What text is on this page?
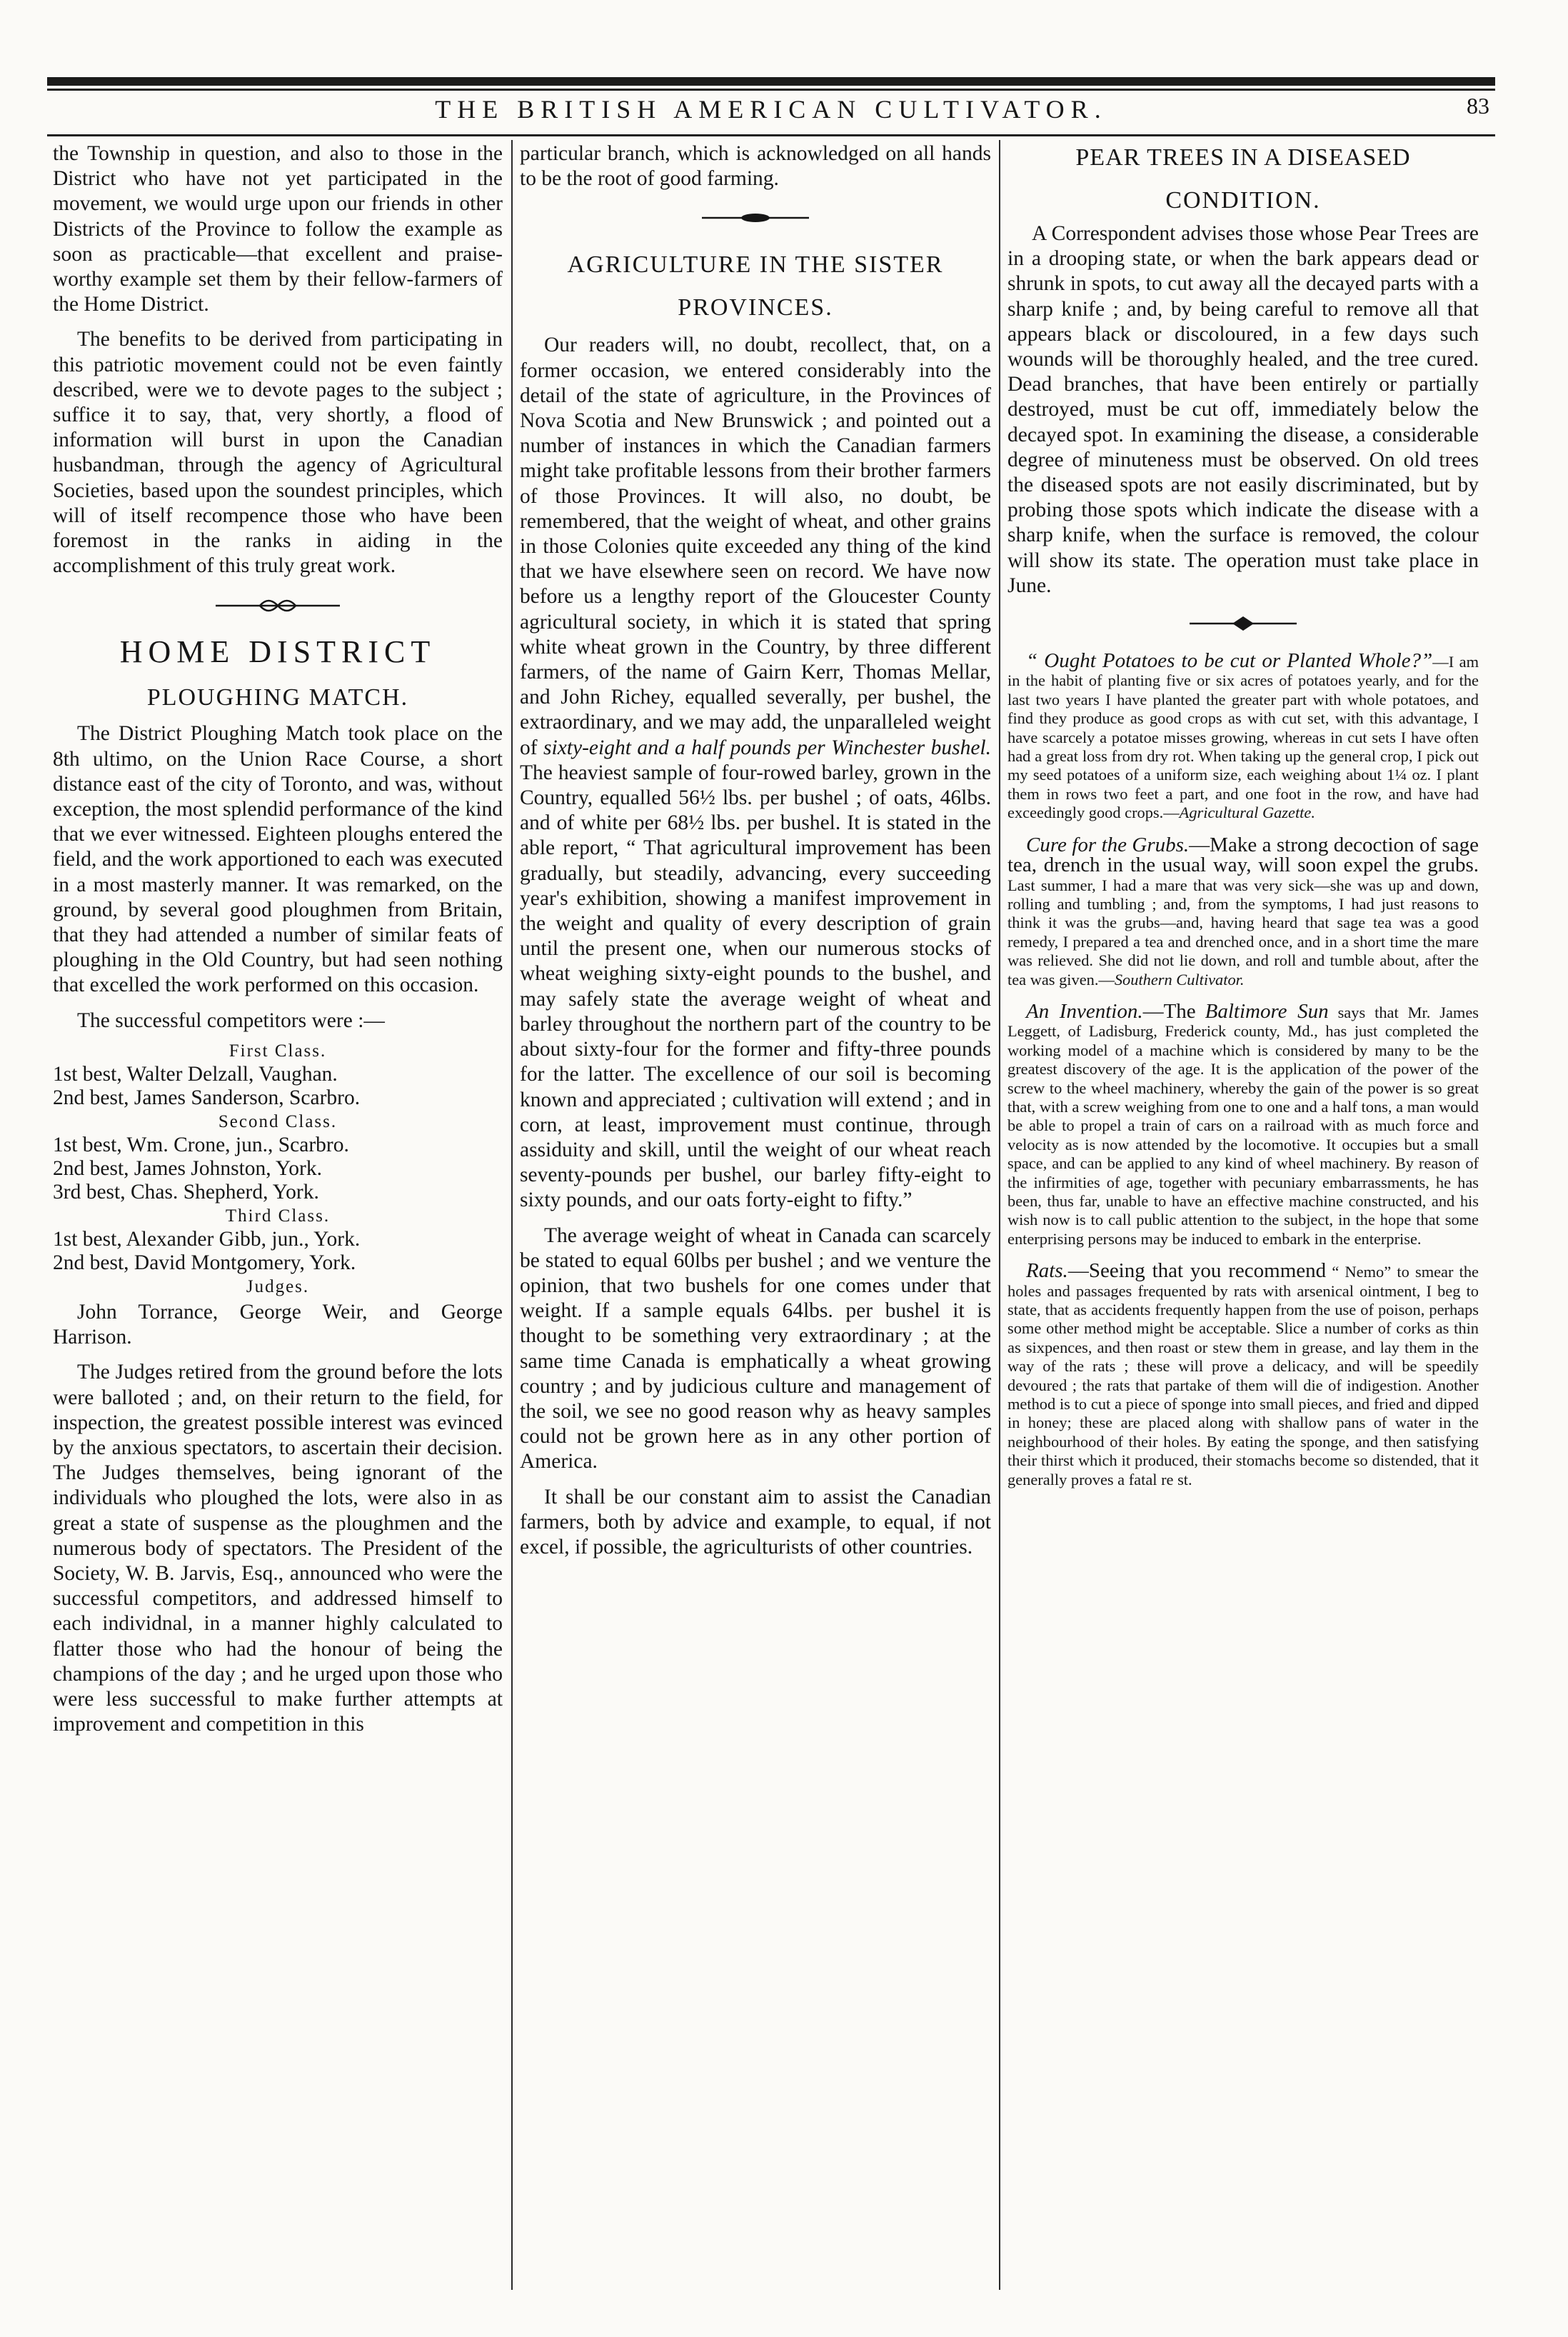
THE BRITISH AMERICAN CULTIVATOR.	83

the Township in question, and also to those in the District who have not yet participated in the movement, we would urge upon our friends in other Districts of the Province to follow the example as soon as practicable—that excellent and praise-worthy example set them by their fellow-farmers of the Home District.

The benefits to be derived from participating in this patriotic movement could not be even faintly described, were we to devote pages to the subject ; suffice it to say, that, very shortly, a flood of information will burst in upon the Canadian husbandman, through the agency of Agricultural Societies, based upon the soundest principles, which will of itself recompence those who have been foremost in the ranks in aiding in the accomplishment of this truly great work.

HOME DISTRICT

PLOUGHING MATCH.

The District Ploughing Match took place on the 8th ultimo, on the Union Race Course, a short distance east of the city of Toronto, and was, without exception, the most splendid performance of the kind that we ever witnessed. Eighteen ploughs entered the field, and the work apportioned to each was executed in a most masterly manner. It was remarked, on the ground, by several good ploughmen from Britain, that they had attended a number of similar feats of ploughing in the Old Country, but had seen nothing that excelled the work performed on this occasion.

The successful competitors were :—

First Class.
1st best, Walter Delzall, Vaughan.
2nd best, James Sanderson, Scarbro.
Second Class.
1st best, Wm. Crone, jun., Scarbro.
2nd best, James Johnston, York.
3rd best, Chas. Shepherd, York.
Third Class.
1st best, Alexander Gibb, jun., York.
2nd best, David Montgomery, York.
Judges.

John Torrance, George Weir, and George Harrison.

The Judges retired from the ground before the lots were balloted ; and, on their return to the field, for inspection, the greatest possible interest was evinced by the anxious spectators, to ascertain their decision. The Judges themselves, being ignorant of the individuals who ploughed the lots, were also in as great a state of suspense as the ploughmen and the numerous body of spectators. The President of the Society, W. B. Jarvis, Esq., announced who were the successful competitors, and addressed himself to each individnal, in a manner highly calculated to flatter those who had the honour of being the champions of the day ; and he urged upon those who were less successful to make further attempts at improvement and competition in this

particular branch, which is acknowledged on all hands to be the root of good farming.

AGRICULTURE IN THE SISTER

PROVINCES.

Our readers will, no doubt, recollect, that, on a former occasion, we entered considerably into the detail of the state of agriculture, in the Provinces of Nova Scotia and New Brunswick ; and pointed out a number of instances in which the Canadian farmers might take profitable lessons from their brother farmers of those Provinces. It will also, no doubt, be remembered, that the weight of wheat, and other grains in those Colonies quite exceeded any thing of the kind that we have elsewhere seen on record. We have now before us a lengthy report of the Gloucester County agricultural society, in which it is stated that spring white wheat grown in the Country, by three different farmers, of the name of Gairn Kerr, Thomas Mellar, and John Richey, equalled severally, per bushel, the extraordinary, and we may add, the unparalleled weight of sixty-eight and a half pounds per Winchester bushel. The heaviest sample of four-rowed barley, grown in the Country, equalled 56½ lbs. per bushel ; of oats, 46lbs. and of white per 68½ lbs. per bushel. It is stated in the able report, “ That agricultural improvement has been gradually, but steadily, advancing, every succeeding year's exhibition, showing a manifest improvement in the weight and quality of every description of grain until the present one, when our numerous stocks of wheat weighing sixty-eight pounds to the bushel, and may safely state the average weight of wheat and barley throughout the northern part of the country to be about sixty-four for the former and fifty-three pounds for the latter. The excellence of our soil is becoming known and appreciated ; cultivation will extend ; and in corn, at least, improvement must continue, through assiduity and skill, until the weight of our wheat reach seventy-pounds per bushel, our barley fifty-eight to sixty pounds, and our oats forty-eight to fifty.”

The average weight of wheat in Canada can scarcely be stated to equal 60lbs per bushel ; and we venture the opinion, that two bushels for one comes under that weight. If a sample equals 64lbs. per bushel it is thought to be something very extraordinary ; at the same time Canada is emphatically a wheat growing country ; and by judicious culture and management of the soil, we see no good reason why as heavy samples could not be grown here as in any other portion of America.

It shall be our constant aim to assist the Canadian farmers, both by advice and example, to equal, if not excel, if possible, the agriculturists of other countries.

PEAR TREES IN A DISEASED

CONDITION.

A Correspondent advises those whose Pear Trees are in a drooping state, or when the bark appears dead or shrunk in spots, to cut away all the decayed parts with a sharp knife ; and, by being careful to remove all that appears black or discoloured, in a few days such wounds will be thoroughly healed, and the tree cured. Dead branches, that have been entirely or partially destroyed, must be cut off, immediately below the decayed spot. In examining the disease, a considerable degree of minuteness must be observed. On old trees the diseased spots are not easily discriminated, but by probing those spots which indicate the disease with a sharp knife, when the surface is removed, the colour will show its state. The operation must take place in June.

“ Ought Potatoes to be cut or Planted Whole?”—I am in the habit of planting five or six acres of potatoes yearly, and for the last two years I have planted the greater part with whole potatoes, and find they produce as good crops as with cut set, with this advantage, I have scarcely a potatoe misses growing, whereas in cut sets I have often had a great loss from dry rot. When taking up the general crop, I pick out my seed potatoes of a uniform size, each weighing about 1¼ oz. I plant them in rows two feet a part, and one foot in the row, and have had exceedingly good crops.—Agricultural Gazette.

Cure for the Grubs.—Make a strong decoction of sage tea, drench in the usual way, will soon expel the grubs. Last summer, I had a mare that was very sick—she was up and down, rolling and tumbling ; and, from the symptoms, I had just reasons to think it was the grubs—and, having heard that sage tea was a good remedy, I prepared a tea and drenched once, and in a short time the mare was relieved. She did not lie down, and roll and tumble about, after the tea was given.—Southern Cultivator.

An Invention.—The Baltimore Sun says that Mr. James Leggett, of Ladisburg, Frederick county, Md., has just completed the working model of a machine which is considered by many to be the greatest discovery of the age. It is the application of the power of the screw to the wheel machinery, whereby the gain of the power is so great that, with a screw weighing from one to one and a half tons, a man would be able to propel a train of cars on a railroad with as much force and velocity as is now attended by the locomotive. It occupies but a small space, and can be applied to any kind of wheel machinery. By reason of the infirmities of age, together with pecuniary embarrassments, he has been, thus far, unable to have an effective machine constructed, and his wish now is to call public attention to the subject, in the hope that some enterprising persons may be induced to embark in the enterprise.

Rats.—Seeing that you recommend “ Nemo” to smear the holes and passages frequented by rats with arsenical ointment, I beg to state, that as accidents frequently happen from the use of poison, perhaps some other method might be acceptable. Slice a number of corks as thin as sixpences, and then roast or stew them in grease, and lay them in the way of the rats ; these will prove a delicacy, and will be speedily devoured ; the rats that partake of them will die of indigestion. Another method is to cut a piece of sponge into small pieces, and fried and dipped in honey; these are placed along with shallow pans of water in the neighbourhood of their holes. By eating the sponge, and then satisfying their thirst which it produced, their stomachs become so distended, that it generally proves a fatal re st.
